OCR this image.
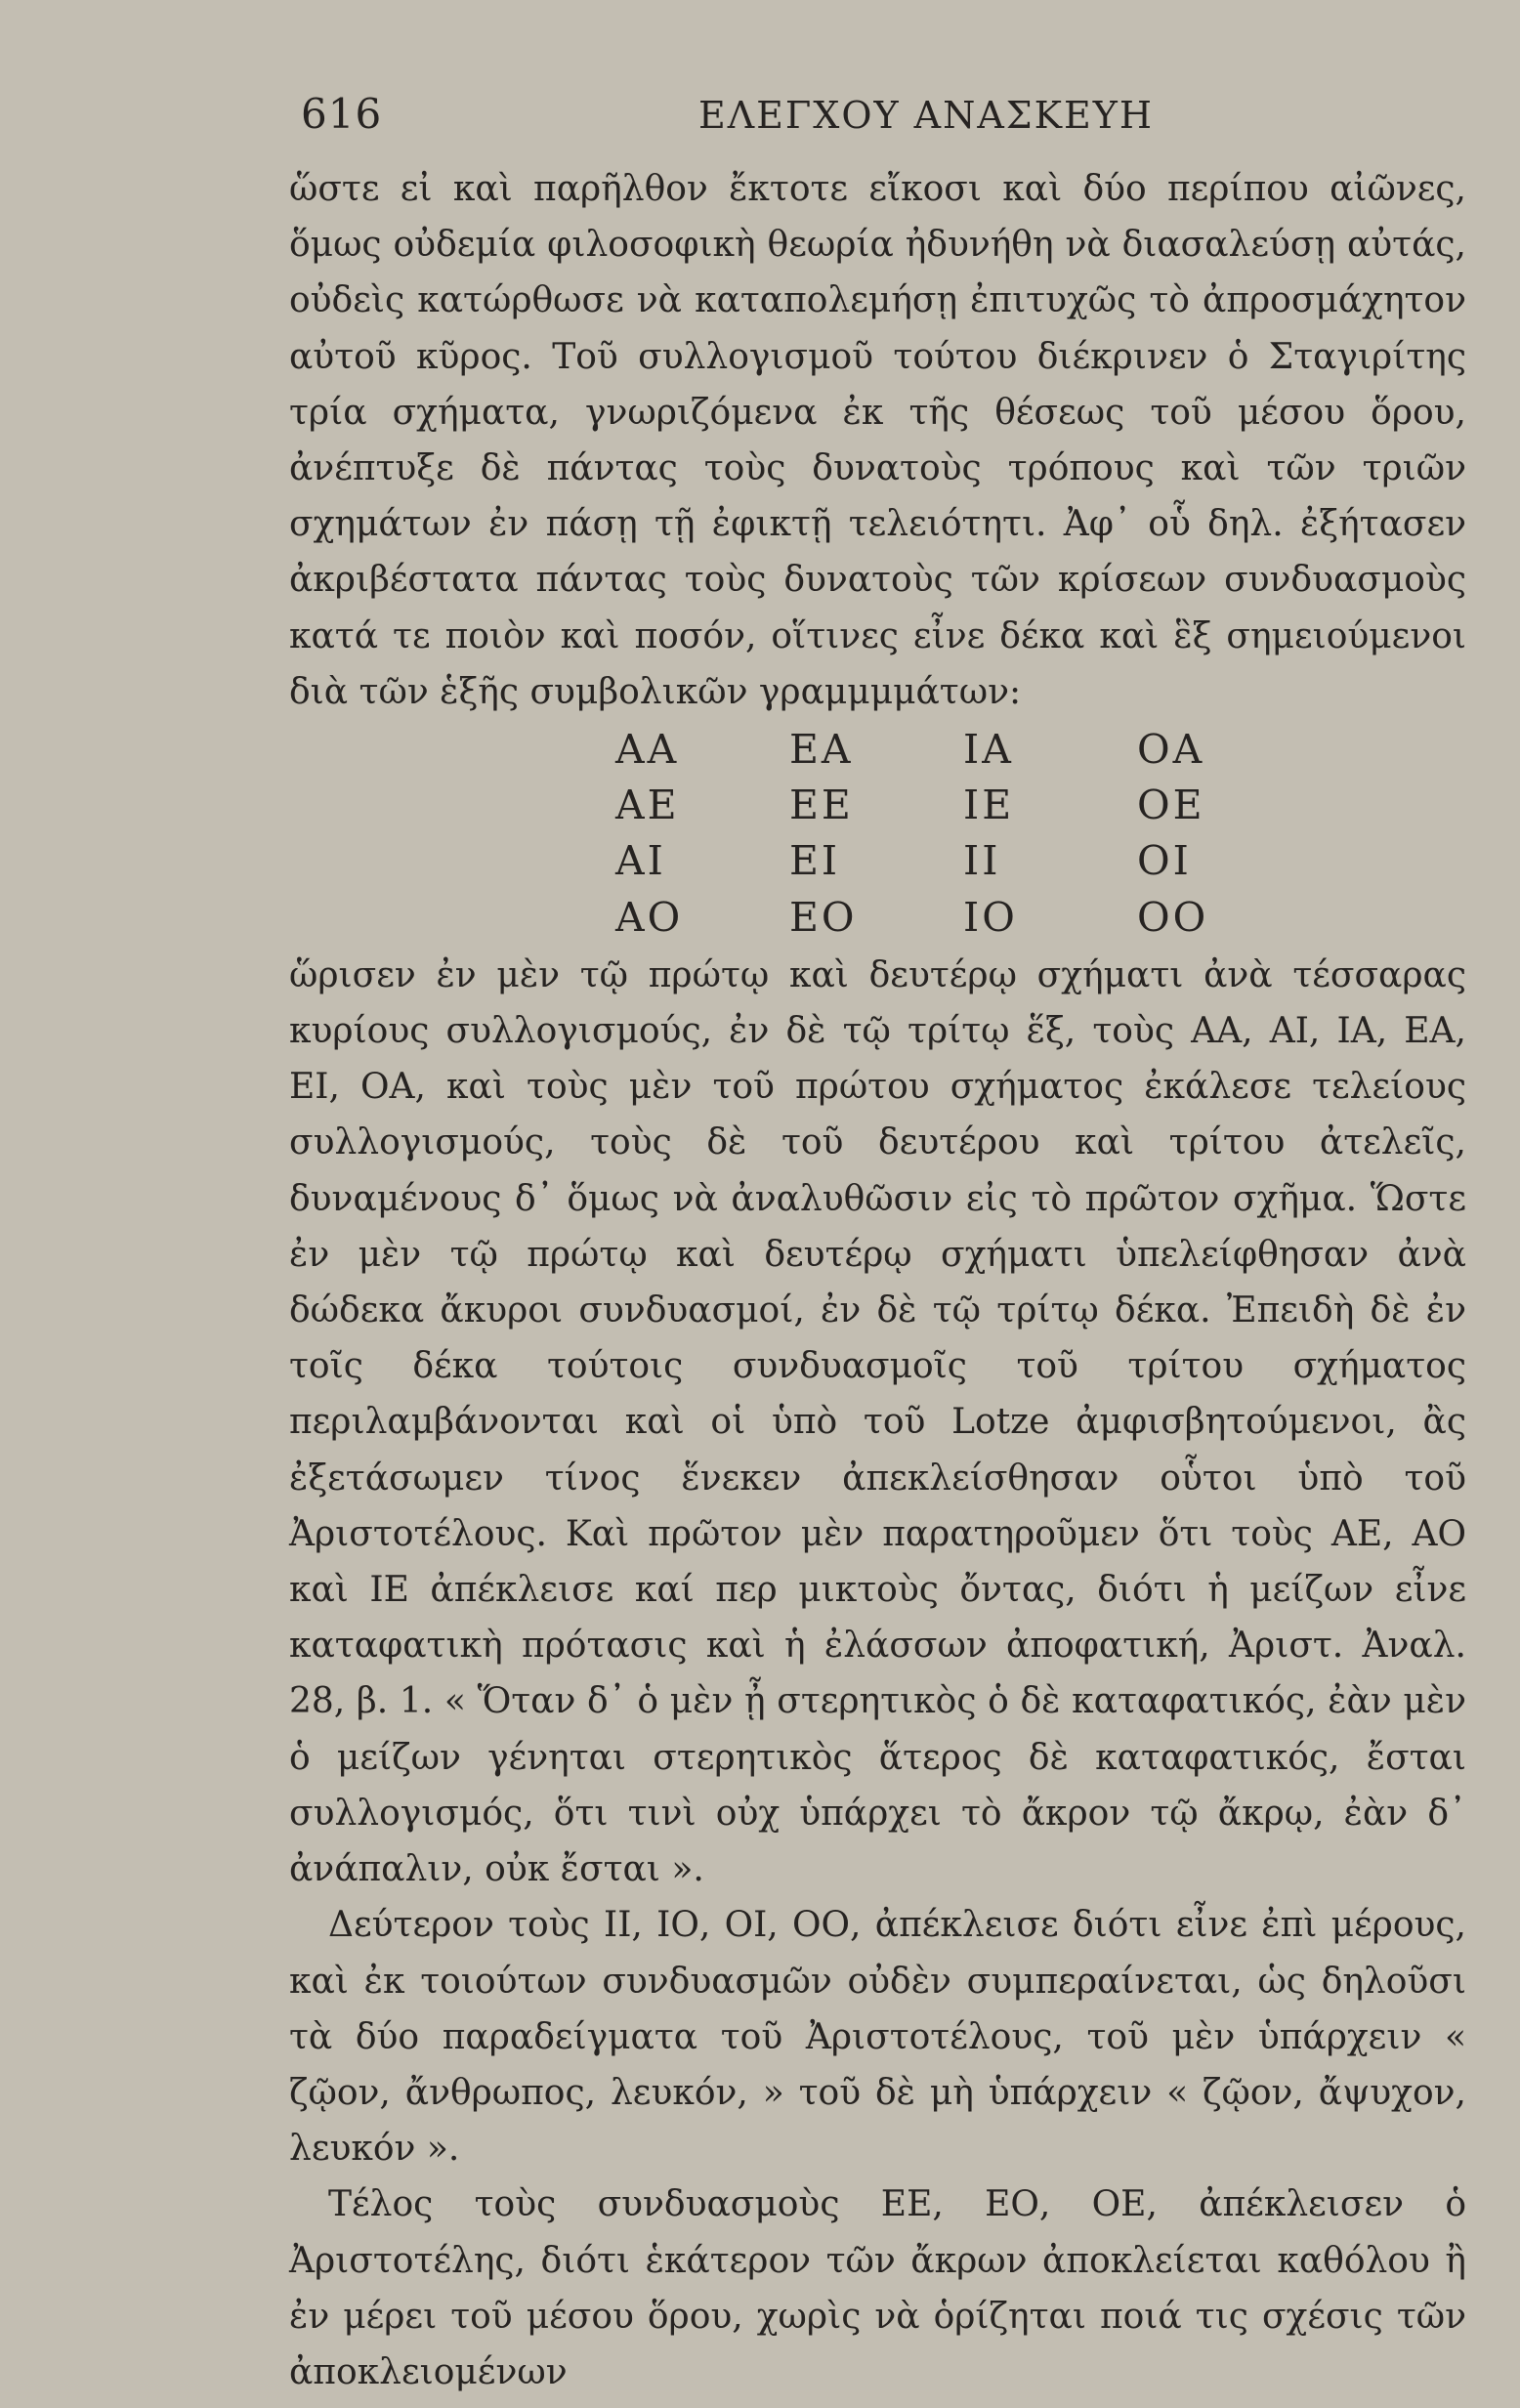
616	ΕΛΕΓΧΟΥ ΑΝΑΣΚΕΥΗ

ὥστε εἰ καὶ παρῆλθον ἔκτοτε εἴκοσι καὶ δύο περίπου αἰῶνες, ὅμως οὐδεμία φιλοσοφικὴ θεωρία ἠδυνήθη νὰ διασαλεύσῃ αὐτάς, οὐδεὶς κατώρθωσε νὰ καταπολεμήσῃ ἐπιτυχῶς τὸ ἀπροσμάχητον αὐτοῦ κῦρος. Τοῦ συλλογισμοῦ τούτου διέκρινεν ὁ Σταγιρίτης τρία σχήματα, γνωριζόμενα ἐκ τῆς θέσεως τοῦ μέσου ὅρου, ἀνέπτυξε δὲ πάντας τοὺς δυνατοὺς τρόπους καὶ τῶν τριῶν σχημάτων ἐν πάσῃ τῇ ἐφικτῇ τελειότητι. Ἀφ᾽ οὗ δηλ. ἐξήτασεν ἀκριβέστατα πάντας τοὺς δυνατοὺς τῶν κρίσεων συνδυασμοὺς κατά τε ποιὸν καὶ ποσόν, οἵτινες εἶνε δέκα καὶ ἓξ σημειούμενοι διὰ τῶν ἑξῆς συμβολικῶν γραμμμμάτων:

ΑΑ	ΕΑ	ΙΑ	ΟΑ
ΑΕ	ΕΕ	ΙΕ	ΟΕ
ΑΙ	ΕΙ	ΙΙ	ΟΙ
ΑΟ	ΕΟ	ΙΟ	ΟΟ

ὥρισεν ἐν μὲν τῷ πρώτῳ καὶ δευτέρῳ σχήματι ἀνὰ τέσσαρας κυρίους συλλογισμούς, ἐν δὲ τῷ τρίτῳ ἕξ, τοὺς ΑΑ, ΑΙ, ΙΑ, ΕΑ, ΕΙ, ΟΑ, καὶ τοὺς μὲν τοῦ πρώτου σχήματος ἐκάλεσε τελείους συλλογισμούς, τοὺς δὲ τοῦ δευτέρου καὶ τρίτου ἀτελεῖς, δυναμένους δ᾽ ὅμως νὰ ἀναλυθῶσιν εἰς τὸ πρῶτον σχῆμα. Ὥστε ἐν μὲν τῷ πρώτῳ καὶ δευτέρῳ σχήματι ὑπελείφθησαν ἀνὰ δώδεκα ἄκυροι συνδυασμοί, ἐν δὲ τῷ τρίτῳ δέκα. Ἐπειδὴ δὲ ἐν τοῖς δέκα τούτοις συνδυασμοῖς τοῦ τρίτου σχήματος περιλαμβάνονται καὶ οἱ ὑπὸ τοῦ Lotze ἀμφισβητούμενοι, ἂς ἐξετάσωμεν τίνος ἕνεκεν ἀπεκλείσθησαν οὗτοι ὑπὸ τοῦ Ἀριστοτέλους. Καὶ πρῶτον μὲν παρατηροῦμεν ὅτι τοὺς ΑΕ, ΑΟ καὶ ΙΕ ἀπέκλεισε καί περ μικτοὺς ὄντας, διότι ἡ μείζων εἶνε καταφατικὴ πρότασις καὶ ἡ ἐλάσσων ἀποφατική, Ἀριστ. Ἀναλ. 28, β. 1. « Ὅταν δ᾽ ὁ μὲν ᾖ στερητικὸς ὁ δὲ καταφατικός, ἐὰν μὲν ὁ μείζων γένηται στερητικὸς ἅτερος δὲ καταφατικός, ἔσται συλλογισμός, ὅτι τινὶ οὐχ ὑπάρχει τὸ ἄκρον τῷ ἄκρῳ, ἐὰν δ᾽ ἀνάπαλιν, οὐκ ἔσται ».

Δεύτερον τοὺς ΙΙ, ΙΟ, ΟΙ, ΟΟ, ἀπέκλεισε διότι εἶνε ἐπὶ μέρους, καὶ ἐκ τοιούτων συνδυασμῶν οὐδὲν συμπεραίνεται, ὡς δηλοῦσι τὰ δύο παραδείγματα τοῦ Ἀριστοτέλους, τοῦ μὲν ὑπάρχειν « ζῷον, ἄνθρωπος, λευκόν, » τοῦ δὲ μὴ ὑπάρχειν « ζῷον, ἄψυχον, λευκόν ».

Τέλος τοὺς συνδυασμοὺς ΕΕ, ΕΟ, ΟΕ, ἀπέκλεισεν ὁ Ἀριστοτέλης, διότι ἑκάτερον τῶν ἄκρων ἀποκλείεται καθόλου ἢ ἐν μέρει τοῦ μέσου ὅρου, χωρὶς νὰ ὁρίζηται ποιά τις σχέσις τῶν ἀποκλειομένων
